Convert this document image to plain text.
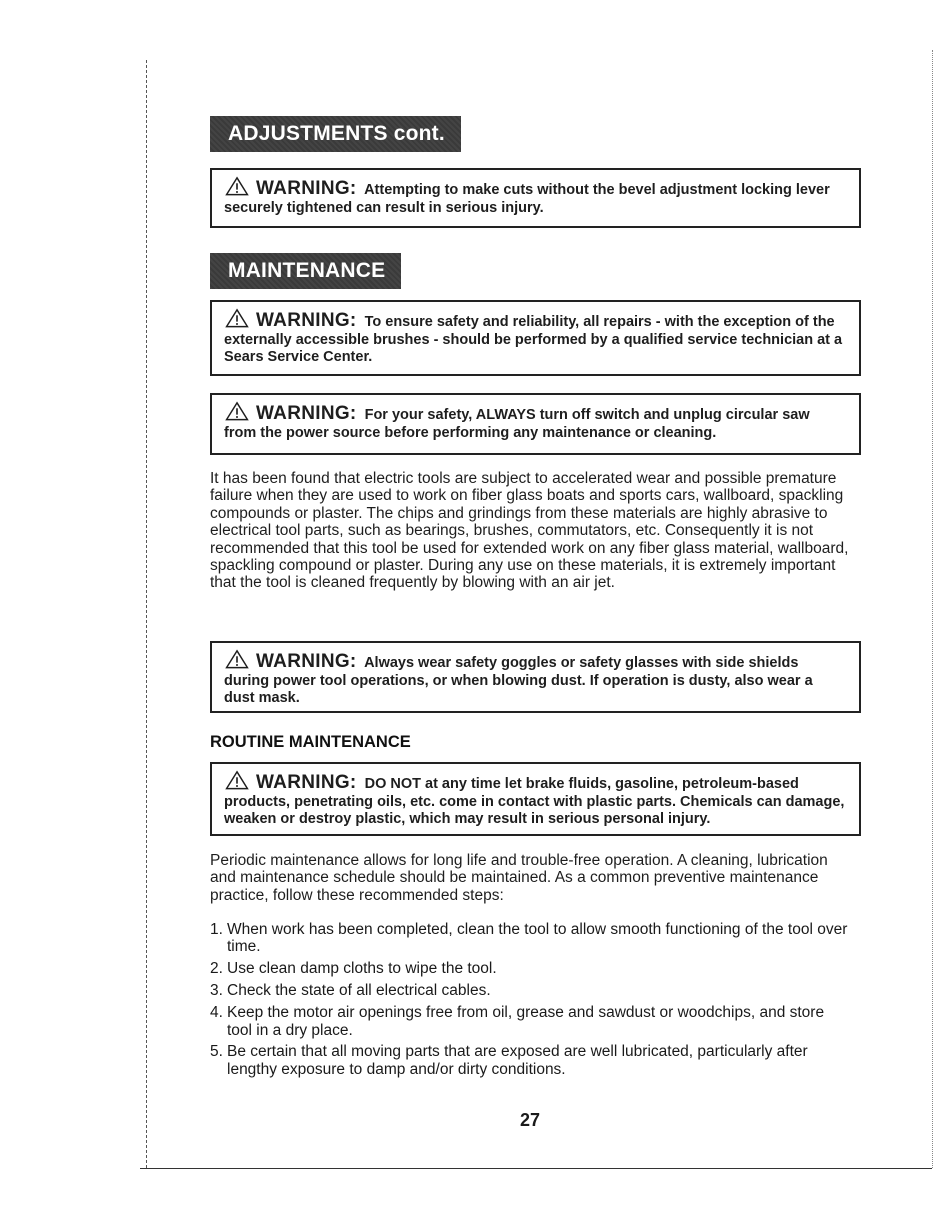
ADJUSTMENTS cont.
WARNING: Attempting to make cuts without the bevel adjustment locking lever securely tightened can result in serious injury.
MAINTENANCE
WARNING: To ensure safety and reliability, all repairs - with the exception of the externally accessible brushes - should be performed by a qualified service technician at a Sears Service Center.
WARNING: For your safety, ALWAYS turn off switch and unplug circular saw from the power source before performing any maintenance or cleaning.
It has been found that electric tools are subject to accelerated wear and possible premature failure when they are used to work on fiber glass boats and sports cars, wallboard, spackling compounds or plaster. The chips and grindings from these materials are highly abrasive to electrical tool parts, such as bearings, brushes, commutators, etc. Consequently it is not recommended that this tool be used for extended work on any fiber glass material, wallboard, spackling compound or plaster. During any use on these materials, it is extremely important that the tool is cleaned frequently by blowing with an air jet.
WARNING: Always wear safety goggles or safety glasses with side shields during power tool operations, or when blowing dust. If operation is dusty, also wear a dust mask.
ROUTINE MAINTENANCE
WARNING: DO NOT at any time let brake fluids, gasoline, petroleum-based products, penetrating oils, etc. come in contact with plastic parts. Chemicals can damage, weaken or destroy plastic, which may result in serious personal injury.
Periodic maintenance allows for long life and trouble-free operation. A cleaning, lubrication and maintenance schedule should be maintained. As a common preventive maintenance practice, follow these recommended steps:
1. When work has been completed, clean the tool to allow smooth functioning of the tool over time.
2. Use clean damp cloths to wipe the tool.
3. Check the state of all electrical cables.
4. Keep the motor air openings free from oil, grease and sawdust or woodchips, and store tool in a dry place.
5. Be certain that all moving parts that are exposed are well lubricated, particularly after lengthy exposure to damp and/or dirty conditions.
27
